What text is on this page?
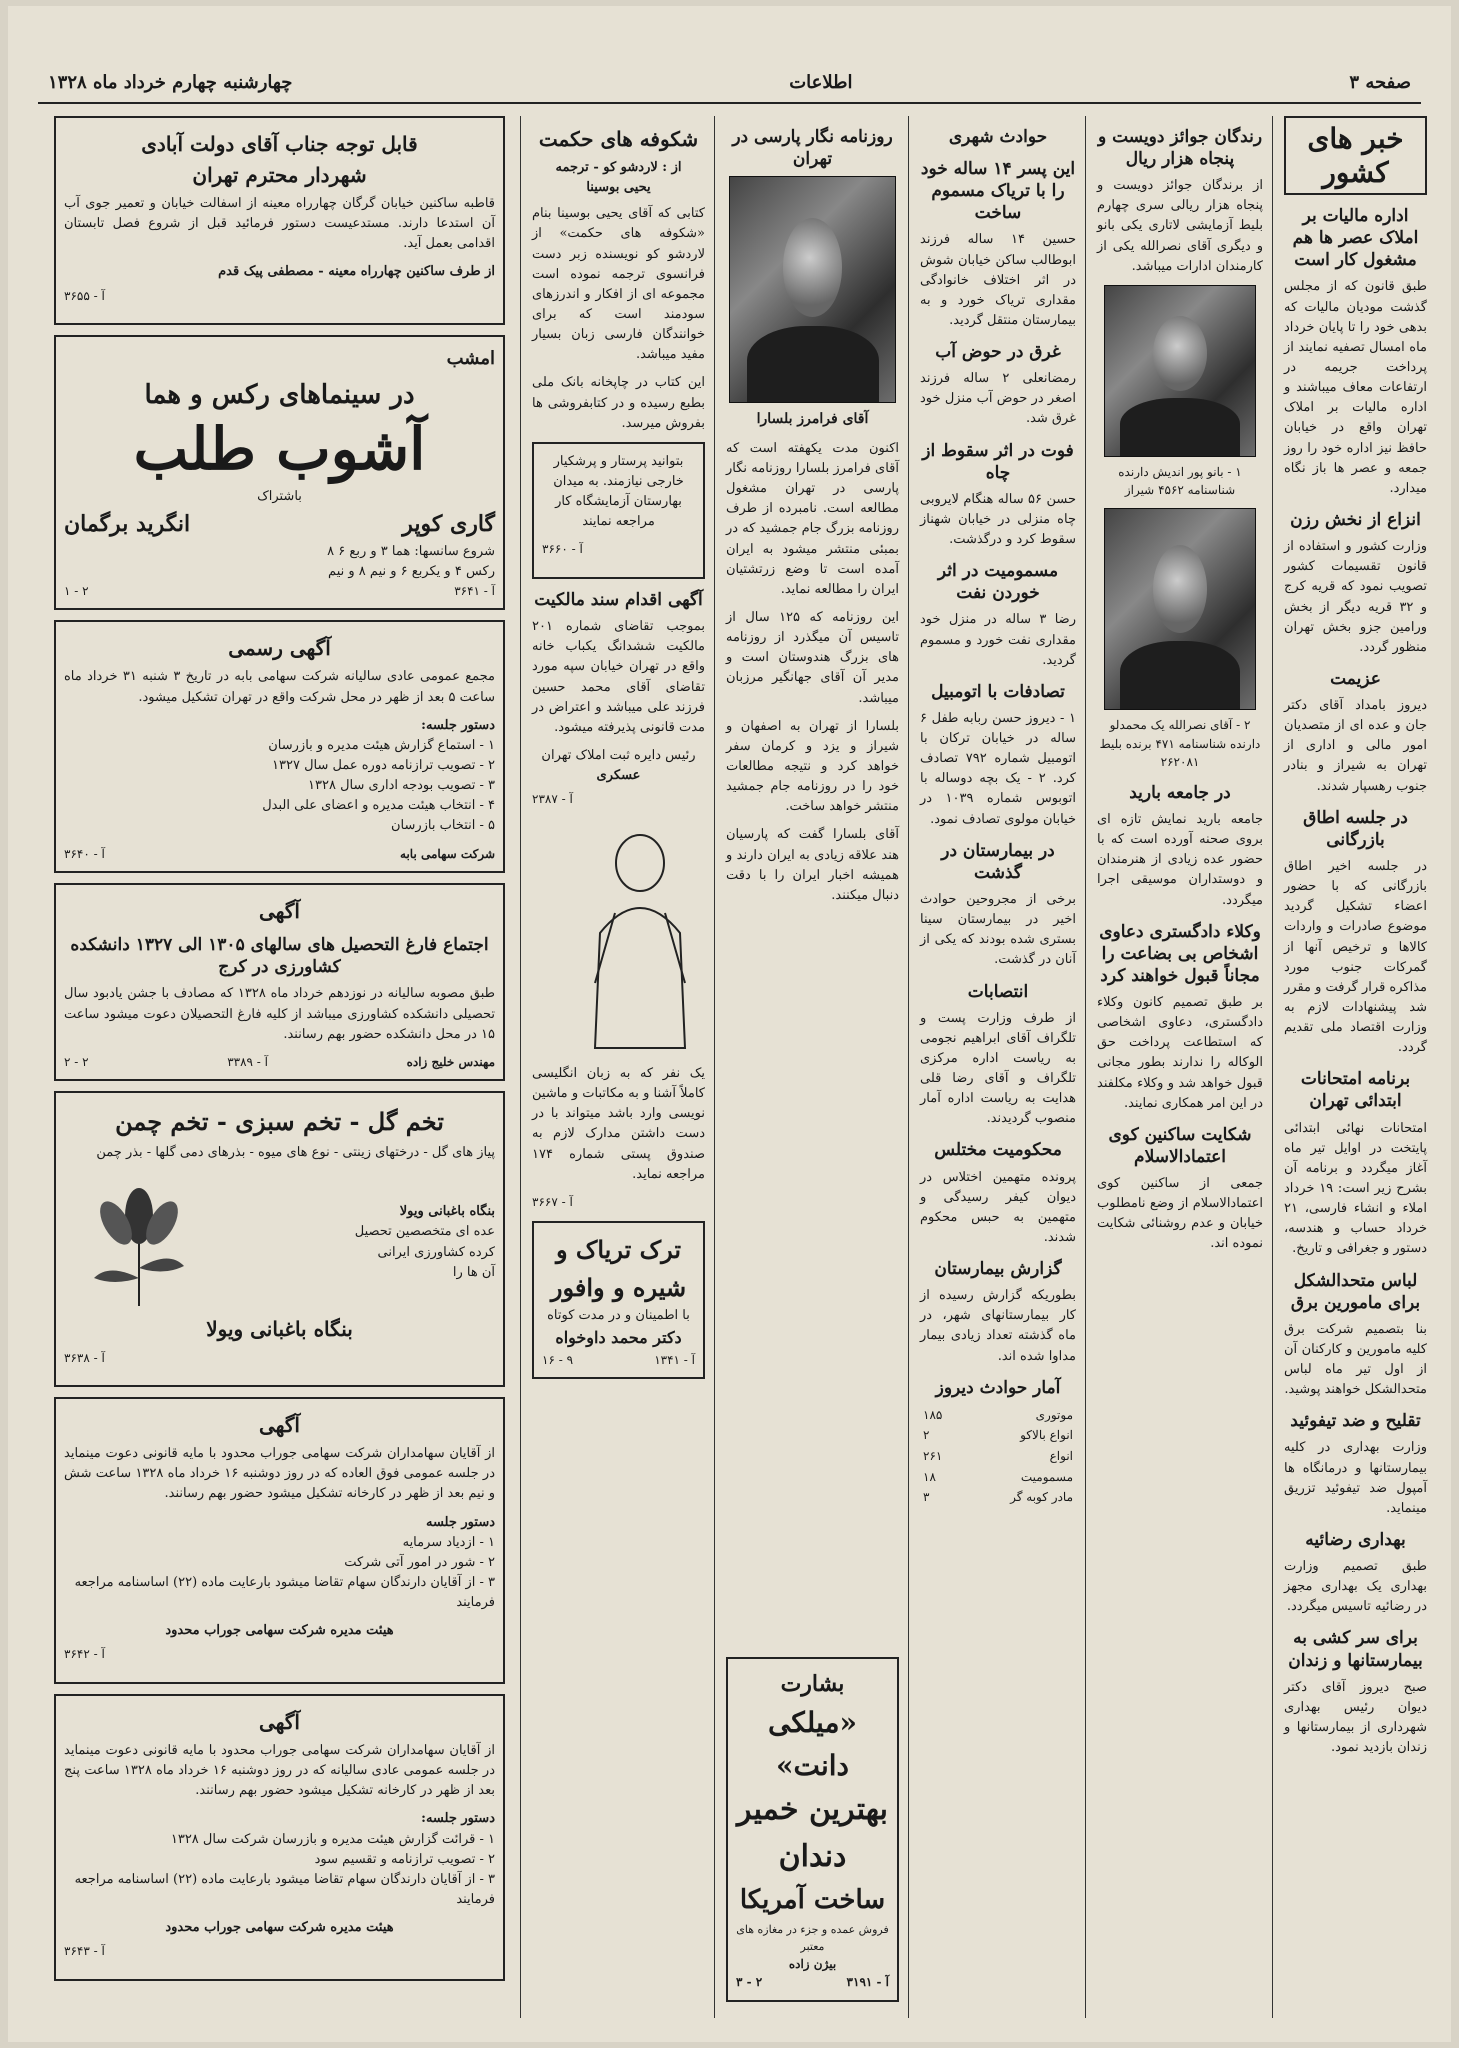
صفحه ۳
اطلاعات
چهارشنبه چهارم خرداد ماه ۱۳۲۸
خبر های کشور
اداره مالیات بر املاک عصر ها هم مشغول کار است

طبق قانون که از مجلس گذشت مودیان مالیات که بدهی خود را تا پایان خرداد ماه امسال تصفیه نمایند از پرداخت جریمه در ارتفاعات معاف میباشند و اداره مالیات بر املاک تهران واقع در خیابان حافظ نیز اداره خود را روز جمعه و عصر ها باز نگاه میدارد.

انزاع از نخش رزن

وزارت کشور و استفاده از قانون تقسیمات کشور تصویب نمود که قریه کرج و ۳۲ قریه دیگر از بخش ورامین جزو بخش تهران منظور گردد.

عزیمت

دیروز بامداد آقای دکتر جان و عده ای از متصدیان امور مالی و اداری از تهران به شیراز و بنادر جنوب رهسپار شدند.

در جلسه اطاق بازرگانی

در جلسه اخیر اطاق بازرگانی که با حضور اعضاء تشکیل گردید موضوع صادرات و واردات کالاها و ترخیص آنها از گمرکات جنوب مورد مذاکره قرار گرفت و مقرر شد پیشنهادات لازم به وزارت اقتصاد ملی تقدیم گردد.

برنامه امتحانات ابتدائی تهران

امتحانات نهائی ابتدائی پایتخت در اوایل تیر ماه آغاز میگردد و برنامه آن بشرح زیر است: ۱۹ خرداد املاء و انشاء فارسی، ۲۱ خرداد حساب و هندسه، دستور و جغرافی و تاریخ.

لباس متحدالشکل برای مامورین برق

بنا بتصمیم شرکت برق کلیه مامورین و کارکنان آن از اول تیر ماه لباس متحدالشکل خواهند پوشید.

تقلیح و ضد تیفوئید

وزارت بهداری در کلیه بیمارستانها و درمانگاه ها آمپول ضد تیفوئید تزریق مینماید.

بهداری رضائیه

طبق تصمیم وزارت بهداری یک بهداری مجهز در رضائیه تاسیس میگردد.

برای سر کشی به بیمارستانها و زندان

صبح دیروز آقای دکتر دیوان رئیس بهداری شهرداری از بیمارستانها و زندان بازدید نمود.

رندگان جوائز دویست و پنجاه هزار ریال

از برندگان جوائز دویست و پنجاه هزار ریالی سری چهارم بلیط آزمایشی لاتاری یکی بانو و دیگری آقای نصرالله یکی از کارمندان ادارات میباشد.

۱ - بانو پور اندیش دارنده شناسنامه ۴۵۶۲ شیراز
۲ - آقای نصرالله یک محمدلو دارنده شناسنامه ۴۷۱ برنده بلیط ۲۶۲۰۸۱
در جامعه بارید

جامعه بارید نمایش تازه ای بروی صحنه آورده است که با حضور عده زیادی از هنرمندان و دوستداران موسیقی اجرا میگردد.

وکلاء دادگستری دعاوی اشخاص بی بضاعت را مجاناً قبول خواهند کرد

بر طبق تصمیم کانون وکلاء دادگستری، دعاوی اشخاصی که استطاعت پرداخت حق الوکاله را ندارند بطور مجانی قبول خواهد شد و وکلاء مکلفند در این امر همکاری نمایند.

شکایت ساکنین کوی اعتمادالاسلام

جمعی از ساکنین کوی اعتمادالاسلام از وضع نامطلوب خیابان و عدم روشنائی شکایت نموده اند.

حوادث شهری
این پسر ۱۴ ساله خود را با تریاک مسموم ساخت

حسین ۱۴ ساله فرزند ابوطالب ساکن خیابان شوش در اثر اختلاف خانوادگی مقداری تریاک خورد و به بیمارستان منتقل گردید.

غرق در حوض آب

رمضانعلی ۲ ساله فرزند اصغر در حوض آب منزل خود غرق شد.

فوت در اثر سقوط از چاه

حسن ۵۶ ساله هنگام لایروبی چاه منزلی در خیابان شهناز سقوط کرد و درگذشت.

مسمومیت در اثر خوردن نفت

رضا ۳ ساله در منزل خود مقداری نفت خورد و مسموم گردید.

تصادفات با اتومبیل

۱ - دیروز حسن ربابه طفل ۶ ساله در خیابان ترکان با اتومبیل شماره ۷۹۲ تصادف کرد. ۲ - یک بچه دوساله با اتوبوس شماره ۱۰۳۹ در خیابان مولوی تصادف نمود.

در بیمارستان در گذشت

برخی از مجروحین حوادث اخیر در بیمارستان سینا بستری شده بودند که یکی از آنان در گذشت.

انتصابات

از طرف وزارت پست و تلگراف آقای ابراهیم نجومی به ریاست اداره مرکزی تلگراف و آقای رضا قلی هدایت به ریاست اداره آمار منصوب گردیدند.

محکومیت مختلس

پرونده متهمین اختلاس در دیوان کیفر رسیدگی و متهمین به حبس محکوم شدند.

گزارش بیمارستان

بطوریکه گزارش رسیده از کار بیمارستانهای شهر، در ماه گذشته تعداد زیادی بیمار مداوا شده اند.

آمار حوادث دیروز
موتوری	۱۸۵
انواع بالاکو	۲
انواع	۲۶۱
مسمومیت	۱۸
مادر کوبه گر	۳
روزنامه نگار پارسی در تهران
آقای فرامرز بلسارا

اکنون مدت یکهفته است که آقای فرامرز بلسارا روزنامه نگار پارسی در تهران مشغول مطالعه است. نامبرده از طرف روزنامه بزرگ جام جمشید که در بمبئی منتشر میشود به ایران آمده است تا وضع زرتشتیان ایران را مطالعه نماید.

این روزنامه که ۱۲۵ سال از تاسیس آن میگذرد از روزنامه های بزرگ هندوستان است و مدیر آن آقای جهانگیر مرزبان میباشد.

بلسارا از تهران به اصفهان و شیراز و یزد و کرمان سفر خواهد کرد و نتیجه مطالعات خود را در روزنامه جام جمشید منتشر خواهد ساخت.

آقای بلسارا گفت که پارسیان هند علاقه زیادی به ایران دارند و همیشه اخبار ایران را با دقت دنبال میکنند.

بشارت
«میلکی دانت»
بهترین خمیر دندان
ساخت آمریکا
فروش عمده و جزء در مغازه های معتبر
بیژن زاده
آ - ۳۱۹۱
۲ - ۳
شکوفه های حکمت
از : لاردشو کو - ترجمه
یحیی بوسینا

کتابی که آقای یحیی بوسینا بنام «شکوفه های حکمت» از لاردشو کو نویسنده زبر دست فرانسوی ترجمه نموده است مجموعه ای از افکار و اندرزهای سودمند است که برای خوانندگان فارسی زبان بسیار مفید میباشد.

این کتاب در چاپخانه بانک ملی بطبع رسیده و در کتابفروشی ها بفروش میرسد.

بتوانید پرستار و پرشکیار خارجی نیازمند. به میدان بهارستان آزمایشگاه کار مراجعه نمایند

آ - ۳۶۶۰
آگهی اقدام سند مالکیت

بموجب تقاضای شماره ۲۰۱ مالکیت ششدانگ یکباب خانه واقع در تهران خیابان سپه مورد تقاضای آقای محمد حسین فرزند علی میباشد و اعتراض در مدت قانونی پذیرفته میشود.

رئیس دایره ثبت املاک تهران
عسکری
آ - ۲۳۸۷

یک نفر که به زبان انگلیسی کاملاً آشنا و به مکاتبات و ماشین نویسی وارد باشد میتواند با در دست داشتن مدارک لازم به صندوق پستی شماره ۱۷۴ مراجعه نماید.

آ - ۳۶۶۷
ترک تریاک و شیره و وافور
با اطمینان و در مدت کوتاه
دکتر محمد داوخواه
آ - ۱۳۴۱
۹ - ۱۶
قابل توجه جناب آقای دولت آبادی
شهردار محترم تهران

قاطبه ساکنین خیابان گرگان چهارراه معینه از اسفالت خیابان و تعمیر جوی آب آن استدعا دارند. مستدعیست دستور فرمائید قبل از شروع فصل تابستان اقدامی بعمل آید.

از طرف ساکنین چهارراه معینه - مصطفی پیک قدم
آ - ۳۶۵۵
امشب
در سینماهای رکس و هما
آشوب طلب
باشتراک
گاری کوپر
انگرید برگمان
شروع سانسها: هما ۳ و ربع ۶ ۸
رکس ۴ و یکربع ۶ و نیم ۸ و نیم
آ - ۳۶۴۱
۲ - ۱
آگهی رسمی

مجمع عمومی عادی سالیانه شرکت سهامی بابه در تاریخ ۳ شنبه ۳۱ خرداد ماه ساعت ۵ بعد از ظهر در محل شرکت واقع در تهران تشکیل میشود.

دستور جلسه:
۱ - استماع گزارش هیئت مدیره و بازرسان
۲ - تصویب ترازنامه دوره عمل سال ۱۳۲۷
۳ - تصویب بودجه اداری سال ۱۳۲۸
۴ - انتخاب هیئت مدیره و اعضای علی البدل
۵ - انتخاب بازرسان
شرکت سهامی بابه
آ - ۳۶۴۰
آگهی
اجتماع فارغ التحصیل های سالهای ۱۳۰۵ الی ۱۳۲۷ دانشکده کشاورزی در کرج

طبق مصوبه سالیانه در نوزدهم خرداد ماه ۱۳۲۸ که مصادف با جشن یادبود سال تحصیلی دانشکده کشاورزی میباشد از کلیه فارغ التحصیلان دعوت میشود ساعت ۱۵ در محل دانشکده حضور بهم رسانند.

مهندس خلیج زاده
آ - ۳۳۸۹
۲ - ۲
تخم گل - تخم سبزی - تخم چمن

پیاز های گل - درختهای زینتی - نوع های میوه - بذرهای دمی گلها - بذر چمن

بنگاه باغبانی ویولا
عده ای متخصصین تحصیل
کرده کشاورزی ایرانی
آن ها را
بنگاه باغبانی ویولا
آ - ۳۶۳۸
آگهی

از آقایان سهامداران شرکت سهامی جوراب محدود با مایه قانونی دعوت مینماید در جلسه عمومی فوق العاده که در روز دوشنبه ۱۶ خرداد ماه ۱۳۲۸ ساعت شش و نیم بعد از ظهر در کارخانه تشکیل میشود حضور بهم رسانند.

دستور جلسه
۱ - ازدیاد سرمایه
۲ - شور در امور آتی شرکت
۳ - از آقایان دارندگان سهام تقاضا میشود بارعایت ماده (۲۲) اساسنامه مراجعه فرمایند
هیئت مدیره شرکت سهامی جوراب محدود
آ - ۳۶۴۲
آگهی

از آقایان سهامداران شرکت سهامی جوراب محدود با مایه قانونی دعوت مینماید در جلسه عمومی عادی سالیانه که در روز دوشنبه ۱۶ خرداد ماه ۱۳۲۸ ساعت پنج بعد از ظهر در کارخانه تشکیل میشود حضور بهم رسانند.

دستور جلسه:
۱ - قرائت گزارش هیئت مدیره و بازرسان شرکت سال ۱۳۲۸
۲ - تصویب ترازنامه و تقسیم سود
۳ - از آقایان دارندگان سهام تقاضا میشود بارعایت ماده (۲۲) اساسنامه مراجعه فرمایند
هیئت مدیره شرکت سهامی جوراب محدود
آ - ۳۶۴۳
